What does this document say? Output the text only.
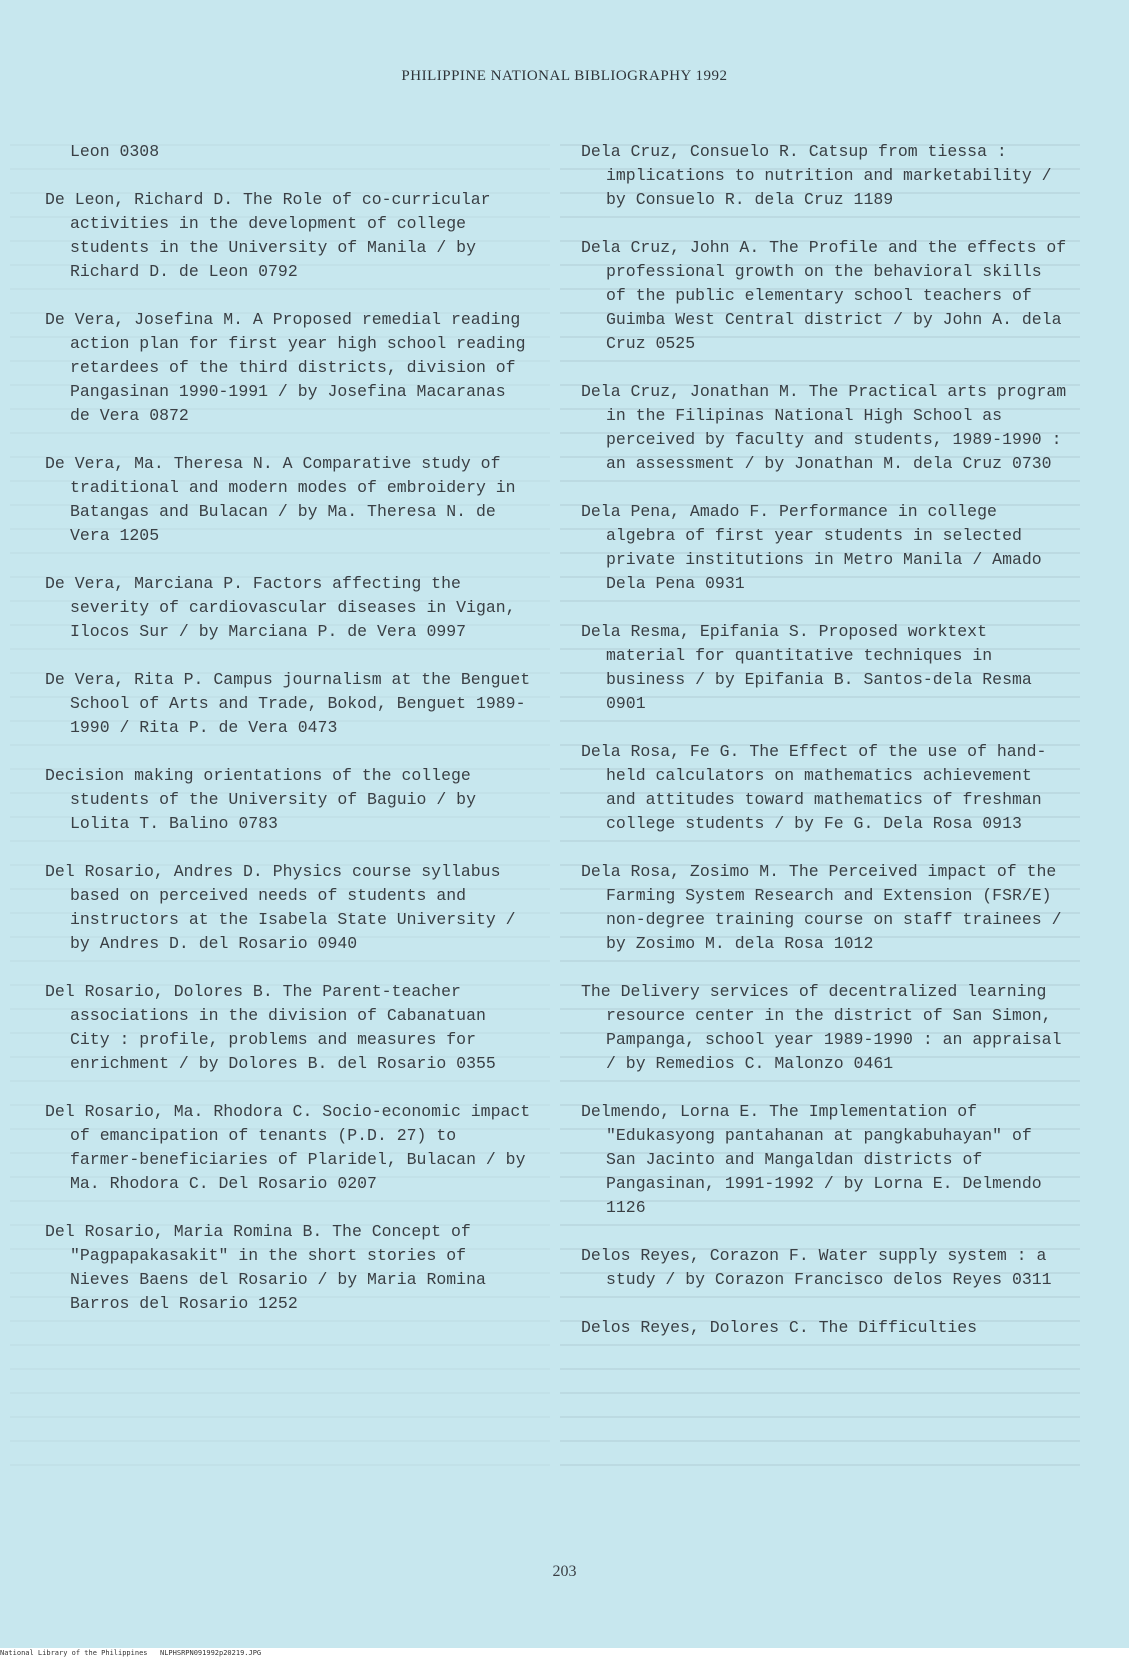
PHILIPPINE NATIONAL BIBLIOGRAPHY 1992
Leon 0308
De Leon, Richard D. The Role of co-curricular activities in the development of college students in the University of Manila / by Richard D. de Leon 0792
De Vera, Josefina M. A Proposed remedial reading action plan for first year high school reading retardees of the third districts, division of Pangasinan 1990-1991 / by Josefina Macaranas de Vera 0872
De Vera, Ma. Theresa N. A Comparative study of traditional and modern modes of embroidery in Batangas and Bulacan / by Ma. Theresa N. de Vera 1205
De Vera, Marciana P. Factors affecting the severity of cardiovascular diseases in Vigan, Ilocos Sur / by Marciana P. de Vera 0997
De Vera, Rita P. Campus journalism at the Benguet School of Arts and Trade, Bokod, Benguet 1989-1990 / Rita P. de Vera 0473
Decision making orientations of the college students of the University of Baguio / by Lolita T. Balino 0783
Del Rosario, Andres D. Physics course syllabus based on perceived needs of students and instructors at the Isabela State University / by Andres D. del Rosario 0940
Del Rosario, Dolores B. The Parent-teacher associations in the division of Cabanatuan City : profile, problems and measures for enrichment / by Dolores B. del Rosario 0355
Del Rosario, Ma. Rhodora C. Socio-economic impact of emancipation of tenants (P.D. 27) to farmer-beneficiaries of Plaridel, Bulacan / by Ma. Rhodora C. Del Rosario 0207
Del Rosario, Maria Romina B. The Concept of "Pagpapakasakit" in the short stories of Nieves Baens del Rosario / by Maria Romina Barros del Rosario 1252
Dela Cruz, Consuelo R. Catsup from tiessa : implications to nutrition and marketability / by Consuelo R. dela Cruz 1189
Dela Cruz, John A. The Profile and the effects of professional growth on the behavioral skills of the public elementary school teachers of Guimba West Central district / by John A. dela Cruz 0525
Dela Cruz, Jonathan M. The Practical arts program in the Filipinas National High School as perceived by faculty and students, 1989-1990 : an assessment / by Jonathan M. dela Cruz 0730
Dela Pena, Amado F. Performance in college algebra of first year students in selected private institutions in Metro Manila / Amado Dela Pena 0931
Dela Resma, Epifania S. Proposed worktext material for quantitative techniques in business / by Epifania B. Santos-dela Resma 0901
Dela Rosa, Fe G. The Effect of the use of hand-held calculators on mathematics achievement and attitudes toward mathematics of freshman college students / by Fe G. Dela Rosa 0913
Dela Rosa, Zosimo M. The Perceived impact of the Farming System Research and Extension (FSR/E) non-degree training course on staff trainees / by Zosimo M. dela Rosa 1012
The Delivery services of decentralized learning resource center in the district of San Simon, Pampanga, school year 1989-1990 : an appraisal / by Remedios C. Malonzo 0461
Delmendo, Lorna E. The Implementation of "Edukasyong pantahanan at pangkabuhayan" of San Jacinto and Mangaldan districts of Pangasinan, 1991-1992 / by Lorna E. Delmendo 1126
Delos Reyes, Corazon F. Water supply system : a study / by Corazon Francisco delos Reyes 0311
Delos Reyes, Dolores C. The Difficulties
203
National Library of the Philippines NLPHSRPN091992p20219.JPG
